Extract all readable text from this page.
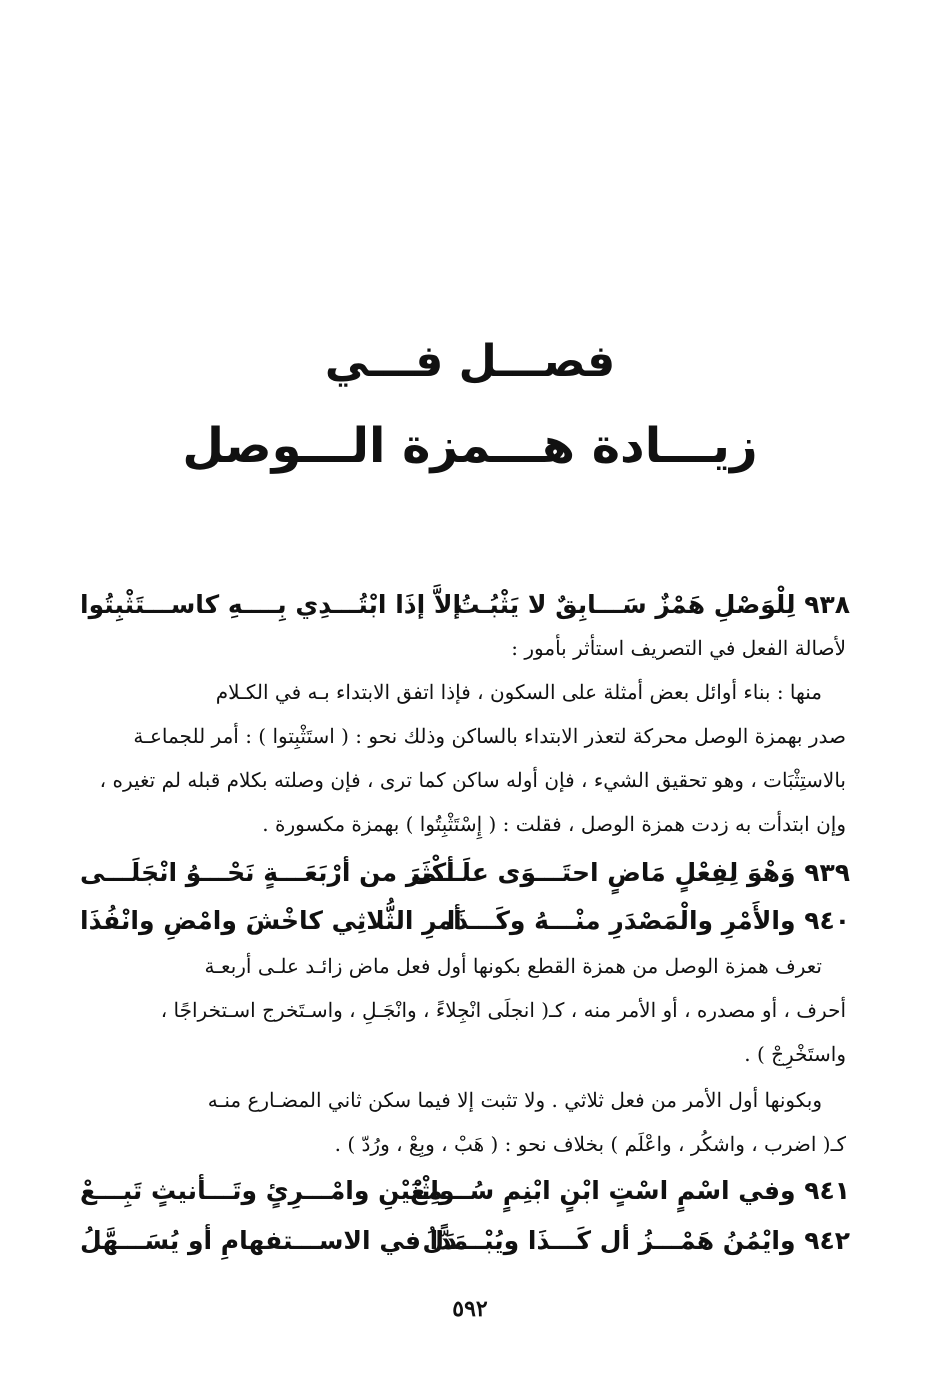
فصـــل فـــي
زيـــادة هـــمزة الـــوصل
٩٣٨ لِلْوَصْلِ هَمْزٌ سَـــابِقٌ لا يَثْبُـتُ
إلاَّ إذَا ابْتُـــدِي بِــــهِ كاســـتَثْبِتُوا
لأصالة الفعل في التصريف استأثر بأمور :
منها : بناء أوائل بعض أمثلة على السكون ، فإذا اتفق الابتداء بـه في الكـلام
صدر بهمزة الوصل محركة لتعذر الابتداء بالساكن وذلك نحو : ( استَثْبِتوا ) : أمر للجماعـة
بالاستِثْبَات ، وهو تحقيق الشيء ، فإن أوله ساكن كما ترى ، فإن وصلته بكلام قبله لم تغيره ،
وإن ابتدأت به زدت همزة الوصل ، فقلت : ( إِسْتَثْبِتُوا ) بهمزة مكسورة .
٩٣٩ وَهْوَ لِفِعْلٍ مَاضٍ احتَـــوَى علَـــى
أكْثَرَ من أرْبَعَـــةٍ نَحْـــوُ انْجَلَـــى
٩٤٠ والأَمْرِ والْمَصْدَرِ منْـــهُ وكَـــذَا
أمرِ الثُّلاثِي كاخْشَ وامْضِ وانْفُذَا
تعرف همزة الوصل من همزة القطع بكونها أول فعل ماض زائـد علـى أربعـة
أحرف ، أو مصدره ، أو الأمر منه ، كـ( انجلَى انْجِلاءً ، وانْجَـلِ ، واسـتَخرج اسـتخراجًا ،
واستَخْرِجْ ) .
وبكونها أول الأمر من فعل ثلاثي . ولا تثبت إلا فيما سكن ثاني المضـارع منـه
كـ( اضرب ، واشكُر ، واعْلَم ) بخلاف نحو : ( هَبْ ، وبِعْ ، ورُدّ ) .
٩٤١ وفي اسْمٍ اسْتٍ ابْنٍ ابْنِمٍ سُـــمِعْ
واثْنَيْنِ وامْـــرِئٍ وتَـــأنيثٍ تَبِـــعْ
٩٤٢ وايْمُنُ هَمْـــزُ أل كَـــذَا ويُبْـــدَلُ
مَدًّا في الاســـتفهامِ أو يُسَـــهَّلُ
٥٩٢
